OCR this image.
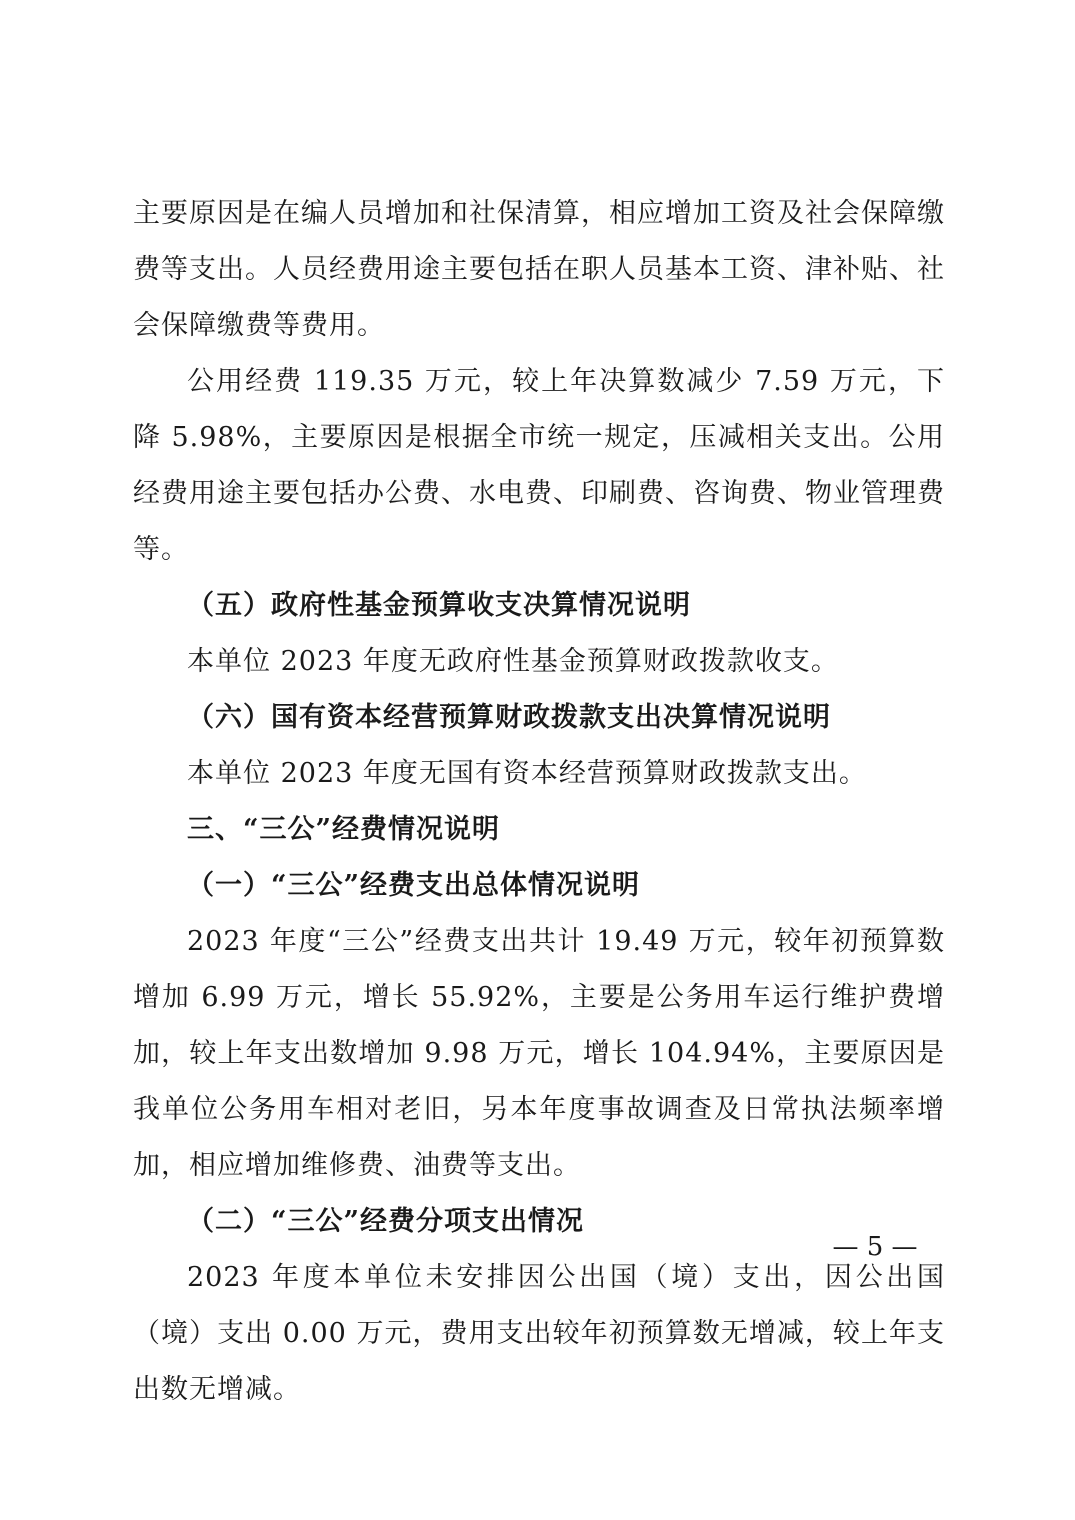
主要原因是在编人员增加和社保清算，相应增加工资及社会保障缴费等支出。人员经费用途主要包括在职人员基本工资、津补贴、社会保障缴费等费用。

公用经费 119.35 万元，较上年决算数减少 7.59 万元，下降 5.98%，主要原因是根据全市统一规定，压减相关支出。公用经费用途主要包括办公费、水电费、印刷费、咨询费、物业管理费等。

（五）政府性基金预算收支决算情况说明

本单位 2023 年度无政府性基金预算财政拨款收支。

（六）国有资本经营预算财政拨款支出决算情况说明

本单位 2023 年度无国有资本经营预算财政拨款支出。

三、“三公”经费情况说明

（一）“三公”经费支出总体情况说明

2023 年度“三公”经费支出共计 19.49 万元，较年初预算数增加 6.99 万元，增长 55.92%，主要是公务用车运行维护费增加，较上年支出数增加 9.98 万元，增长 104.94%，主要原因是我单位公务用车相对老旧，另本年度事故调查及日常执法频率增加，相应增加维修费、油费等支出。

（二）“三公”经费分项支出情况

2023 年度本单位未安排因公出国（境）支出，因公出国（境）支出 0.00 万元，费用支出较年初预算数无增减，较上年支出数无增减。

— 5 —
